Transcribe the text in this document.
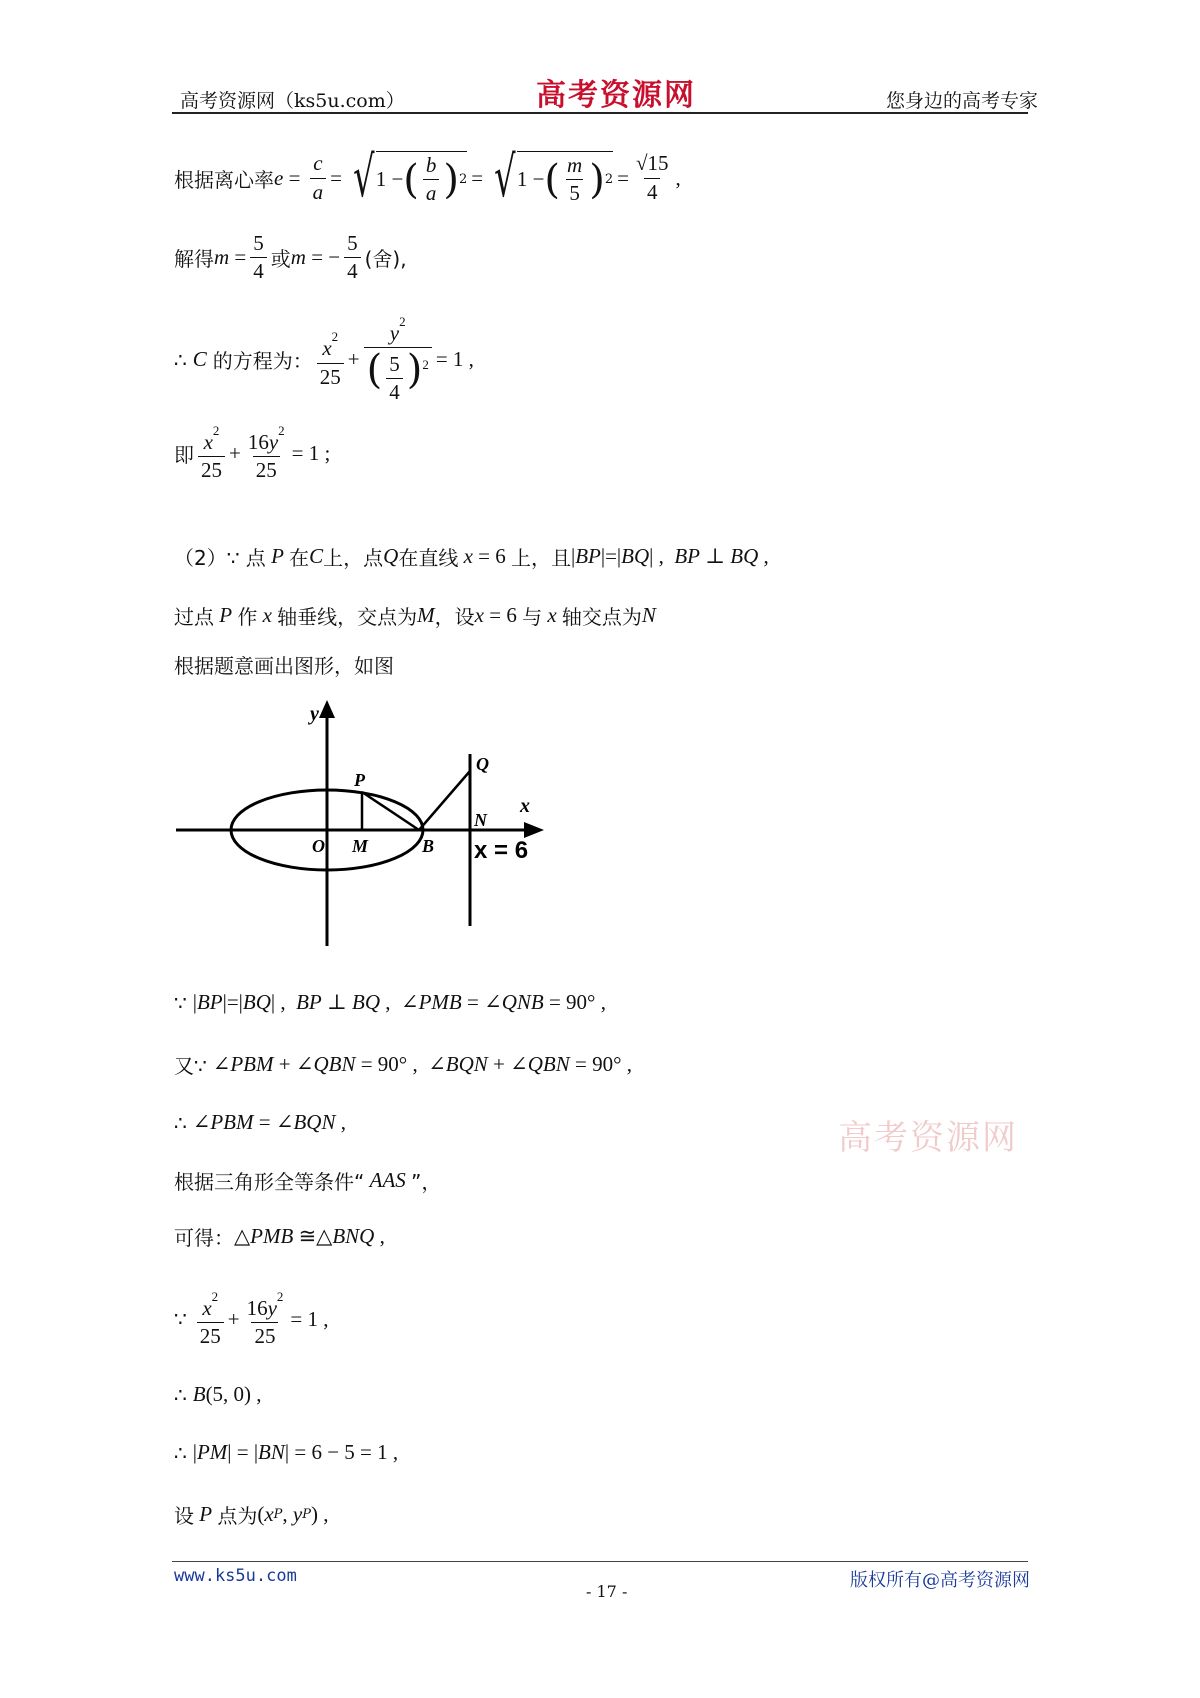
高考资源网（ks5u.com）	高考资源网	您身边的高考专家
根据离心率 $e = \frac{c}{a}$ = √ 1 − ( $\frac{b}{a}$ ) 2 = √ 1 − ( $\frac{m}{5}$ ) $2 = \frac{√15}{4}$ ,
解得 $m = \frac{5}{4}$ 或 m = − $\frac{5}{4}$ (舍),
∴ C 的方程为： $\frac{x^2}{25} + \frac{y^2}{( \frac{5}{4} )^2} = 1$ ,
即 $\frac{x^2}{25} + \frac{16y^2}{25} = 1$ ;
（2）∵ 点 P 在 C 上，点 Q 在直线 x = 6 上，且 | BP |=| BQ | , BP ⊥ BQ ,
过点 P 作 x 轴垂线，交点为 M ，设 x = 6 与 x 轴交点为 N
根据题意画出图形，如图
y
x
O M	B
P
Q
N
x = 6
∵ | BP |=| BQ | , BP ⊥ BQ ,  ∠ PMB = ∠ QNB = 90° ,
又∵ ∠ PBM + ∠ QBN = 90° ,  ∠ BQN + ∠ QBN = 90° ,
∴ ∠ PBM = ∠ BQN ,	高考资源网
根据三角形全等条件“ AAS ”，
可得： △ PMB ≅△ BNQ ,
∵ $\frac{x^2}{25} + \frac{16y^2}{25} = 1$ ,
∴ B (5, 0) ,
∴ | PM | = | BN | = 6 − 5 = 1 ,
设 P 点为 ( x P , y P ) ,
www.ks5u.com
- 17 -
版权所有@高考资源网
